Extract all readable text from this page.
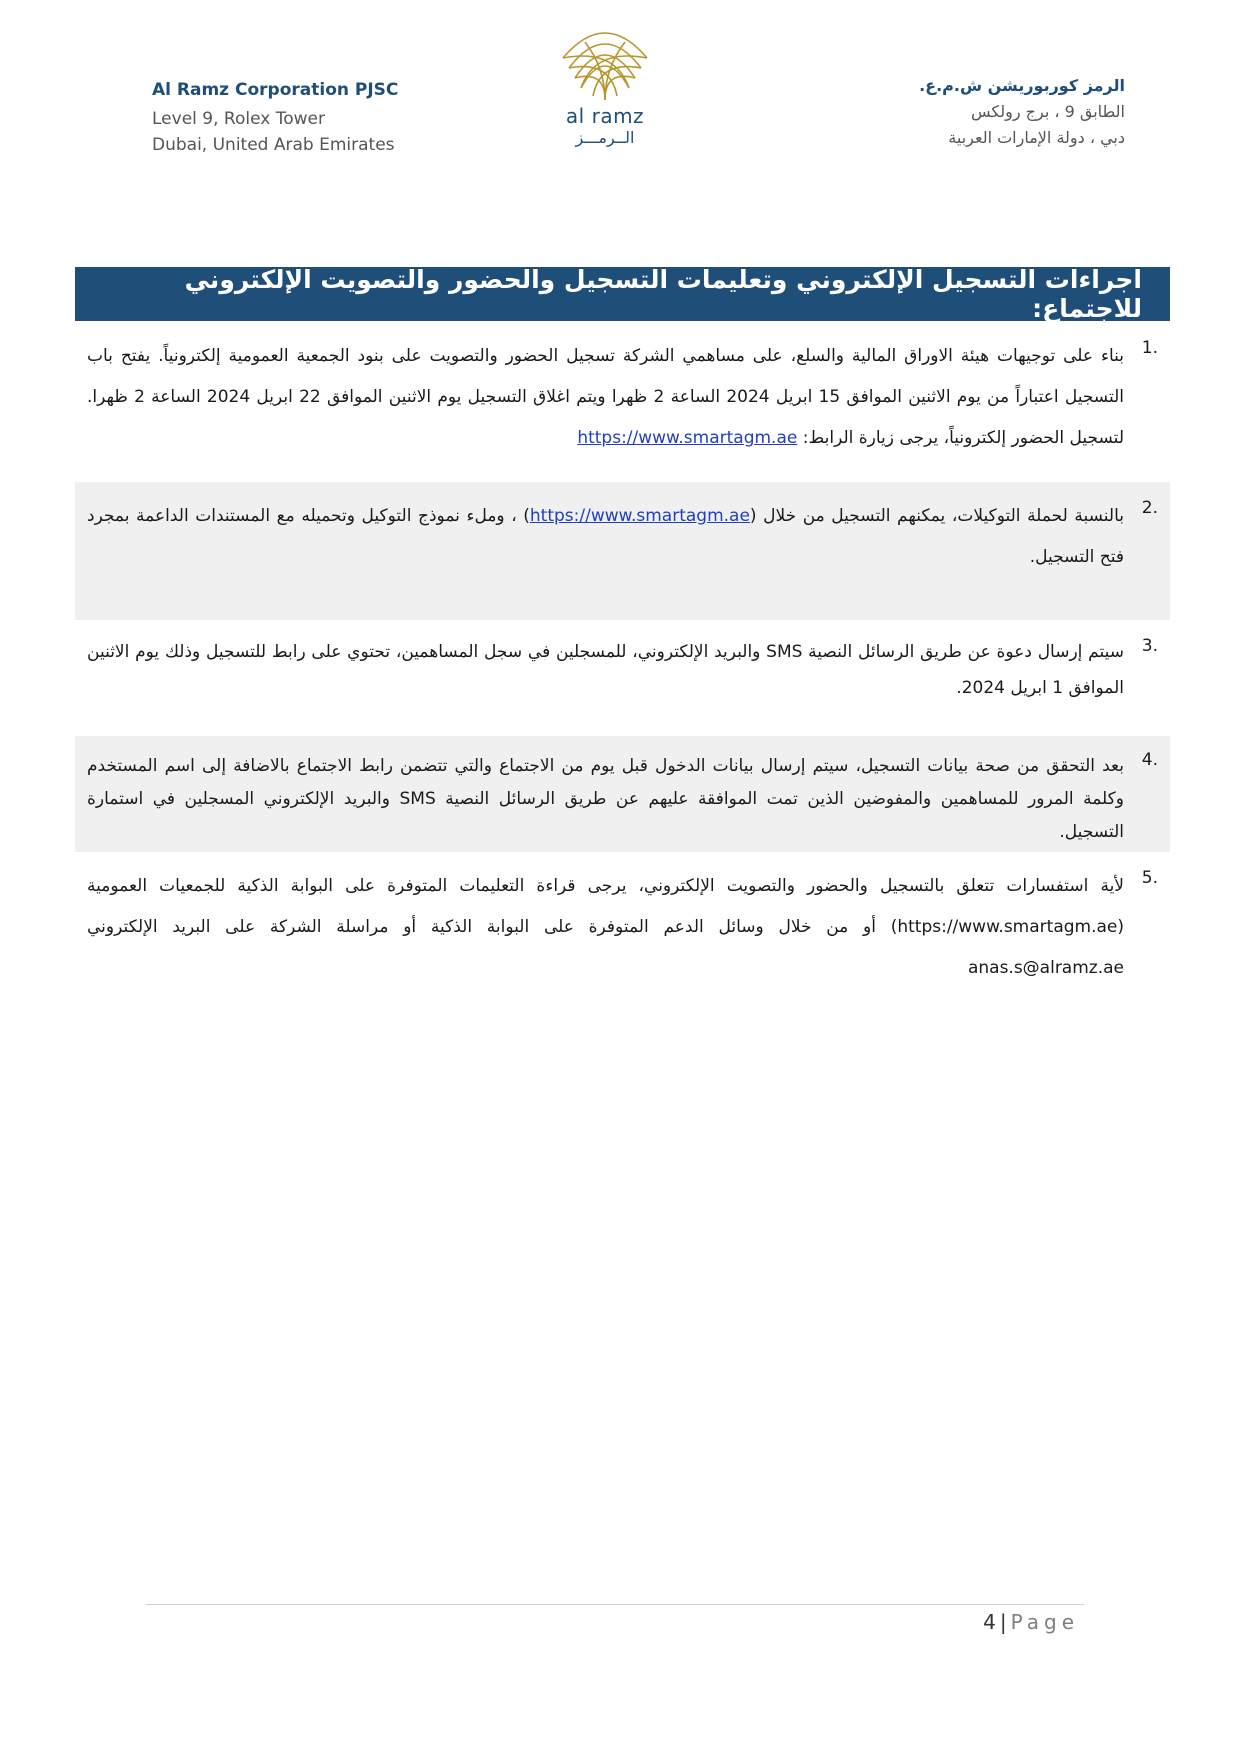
Al Ramz Corporation PJSC
Level 9, Rolex Tower
Dubai, United Arab Emirates
al ramz
الــرمـــز
الرمز كوربوريشن ش.م.ع.
الطابق 9 ، برج رولكس
دبي ، دولة الإمارات العربية
اجراءات التسجيل الإلكتروني وتعليمات التسجيل والحضور والتصويت الإلكتروني للاجتماع:
1.

بناء على توجيهات هيئة الاوراق المالية والسلع، على مساهمي الشركة تسجيل الحضور والتصويت على بنود الجمعية العمومية إلكترونياً. يفتح باب التسجيل اعتباراً من يوم الاثنين الموافق 15 ابريل 2024 الساعة 2 ظهرا ويتم اغلاق التسجيل يوم الاثنين الموافق 22 ابريل 2024 الساعة 2 ظهرا. لتسجيل الحضور إلكترونياً، يرجى زيارة الرابط: https://www.smartagm.ae

2.

بالنسبة لحملة التوكيلات، يمكنهم التسجيل من خلال (https://www.smartagm.ae) ، وملء نموذج التوكيل وتحميله مع المستندات الداعمة بمجرد فتح التسجيل.

3.

سيتم إرسال دعوة عن طريق الرسائل النصية SMS والبريد الإلكتروني، للمسجلين في سجل المساهمين، تحتوي على رابط للتسجيل وذلك يوم الاثنين الموافق 1 ابريل 2024.

4.

بعد التحقق من صحة بيانات التسجيل، سيتم إرسال بيانات الدخول قبل يوم من الاجتماع والتي تتضمن رابط الاجتماع بالاضافة إلى اسم المستخدم وكلمة المرور للمساهمين والمفوضين الذين تمت الموافقة عليهم عن طريق الرسائل النصية SMS والبريد الإلكتروني المسجلين في استمارة التسجيل.

5.

لأية استفسارات تتعلق بالتسجيل والحضور والتصويت الإلكتروني، يرجى قراءة التعليمات المتوفرة على البوابة الذكية للجمعيات العمومية (https://www.smartagm.ae) أو من خلال وسائل الدعم المتوفرة على البوابة الذكية أو مراسلة الشركة على البريد الإلكتروني anas.s@alramz.ae

4 | Page
